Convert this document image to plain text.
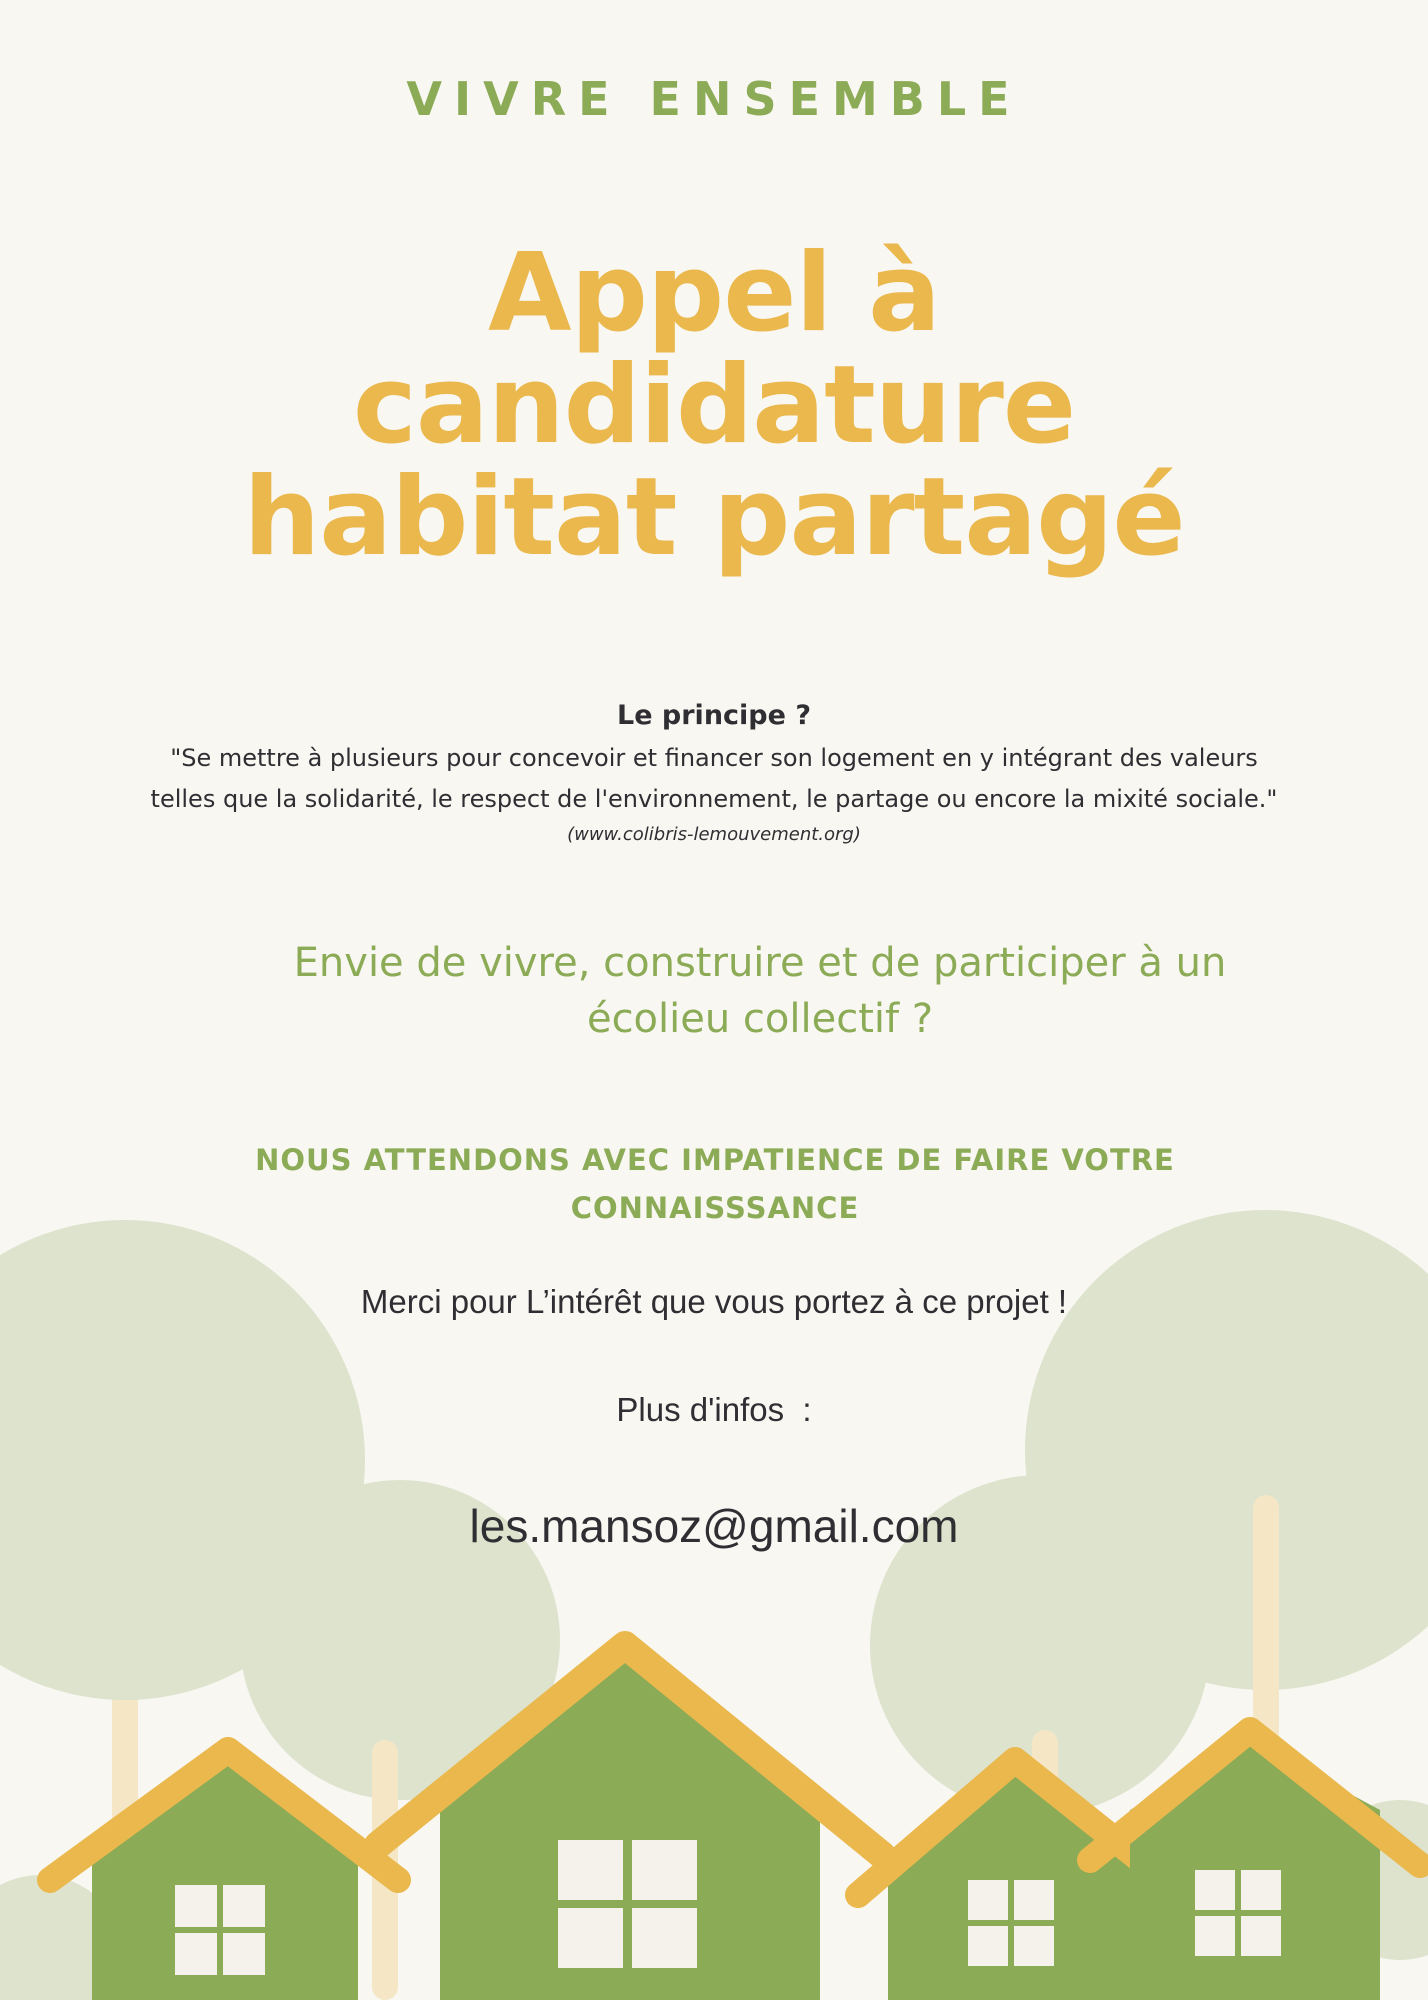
VIVRE ENSEMBLE
Appel à
candidature
habitat partagé
Le principe ?
"Se mettre à plusieurs pour concevoir et financer son logement en y intégrant des valeurs
telles que la solidarité, le respect de l'environnement, le partage ou encore la mixité sociale."
(www.colibris-lemouvement.org)
Envie de vivre, construire et de participer à un
écolieu collectif ?
NOUS ATTENDONS AVEC IMPATIENCE DE FAIRE VOTRE
CONNAISSSANCE
Merci pour L’intérêt que vous portez à ce projet !
Plus d'infos  :
les.mansoz@gmail.com
